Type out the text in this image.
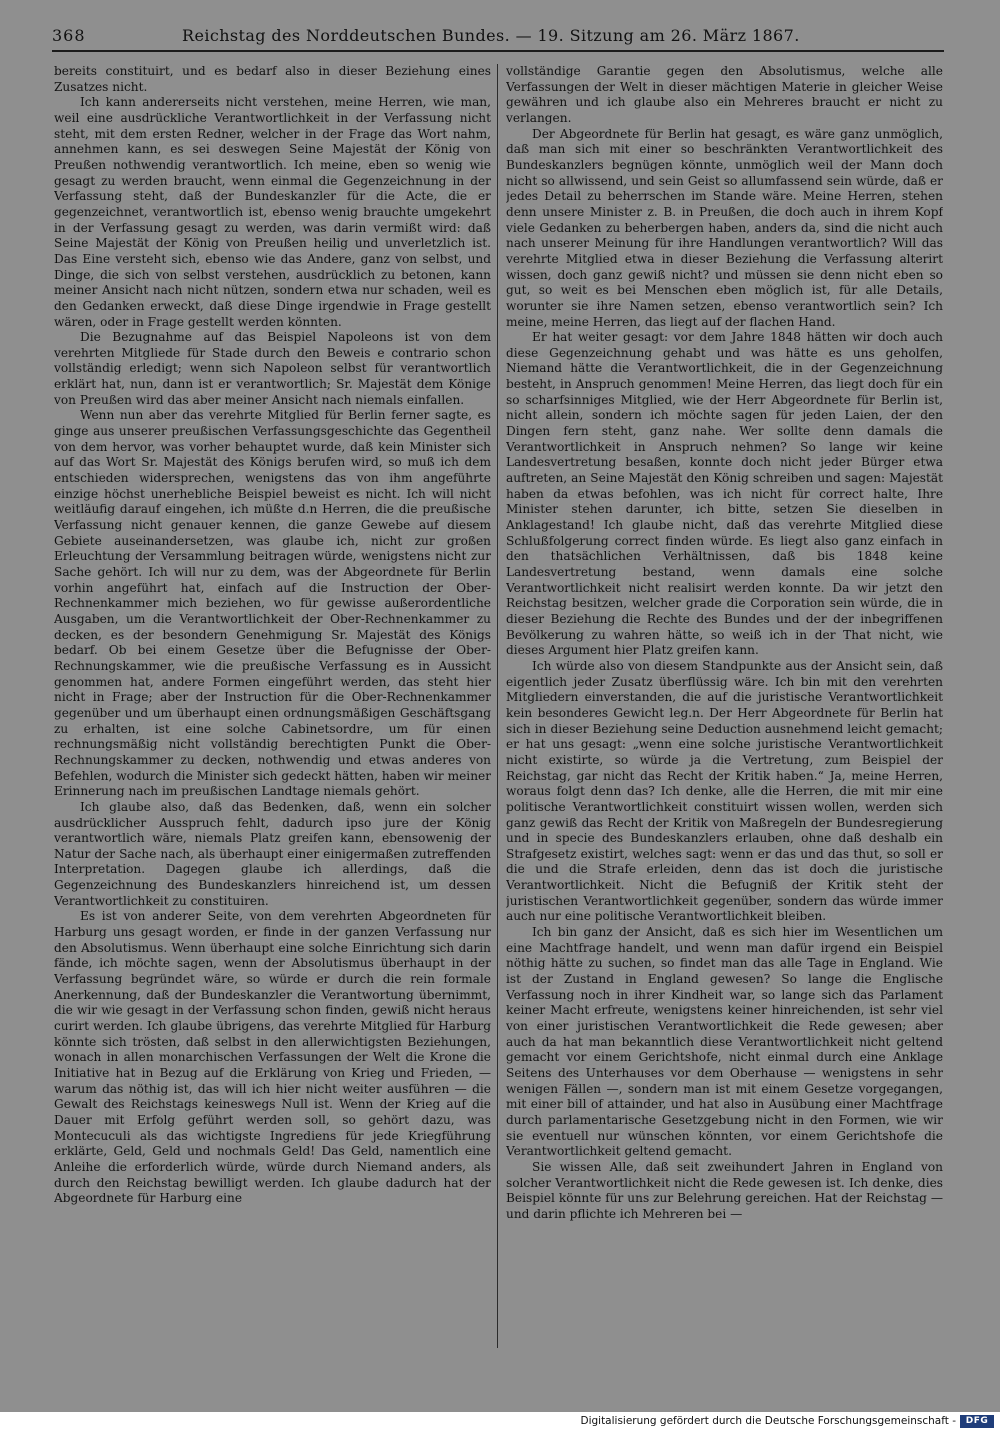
368	Reichstag des Norddeutschen Bundes. — 19. Sitzung am 26. März 1867.

bereits constituirt, und es bedarf also in dieser Beziehung eines Zusatzes nicht.

Ich kann andererseits nicht verstehen, meine Herren, wie man, weil eine ausdrückliche Verantwortlichkeit in der Verfassung nicht steht, mit dem ersten Redner, welcher in der Frage das Wort nahm, annehmen kann, es sei deswegen Seine Majestät der König von Preußen nothwendig verantwortlich. Ich meine, eben so wenig wie gesagt zu werden braucht, wenn einmal die Gegenzeichnung in der Verfassung steht, daß der Bundeskanzler für die Acte, die er gegenzeichnet, verantwortlich ist, ebenso wenig brauchte umgekehrt in der Verfassung gesagt zu werden, was darin vermißt wird: daß Seine Majestät der König von Preußen heilig und unverletzlich ist. Das Eine versteht sich, ebenso wie das Andere, ganz von selbst, und Dinge, die sich von selbst verstehen, ausdrücklich zu betonen, kann meiner Ansicht nach nicht nützen, sondern etwa nur schaden, weil es den Gedanken erweckt, daß diese Dinge irgendwie in Frage gestellt wären, oder in Frage gestellt werden könnten.

Die Bezugnahme auf das Beispiel Napoleons ist von dem verehrten Mitgliede für Stade durch den Beweis e contrario schon vollständig erledigt; wenn sich Napoleon selbst für verantwortlich erklärt hat, nun, dann ist er verantwortlich; Sr. Majestät dem Könige von Preußen wird das aber meiner Ansicht nach niemals einfallen.

Wenn nun aber das verehrte Mitglied für Berlin ferner sagte, es ginge aus unserer preußischen Verfassungsgeschichte das Gegentheil von dem hervor, was vorher behauptet wurde, daß kein Minister sich auf das Wort Sr. Majestät des Königs berufen wird, so muß ich dem entschieden widersprechen, wenigstens das von ihm angeführte einzige höchst unerhebliche Beispiel beweist es nicht. Ich will nicht weitläufig darauf eingehen, ich müßte d.n Herren, die die preußische Verfassung nicht genauer kennen, die ganze Gewebe auf diesem Gebiete auseinandersetzen, was glaube ich, nicht zur großen Erleuchtung der Versammlung beitragen würde, wenigstens nicht zur Sache gehört. Ich will nur zu dem, was der Abgeordnete für Berlin vorhin angeführt hat, einfach auf die Instruction der Ober-Rechnenkammer mich beziehen, wo für gewisse außerordentliche Ausgaben, um die Verantwortlichkeit der Ober-Rechnenkammer zu decken, es der besondern Genehmigung Sr. Majestät des Königs bedarf. Ob bei einem Gesetze über die Befugnisse der Ober-Rechnungskammer, wie die preußische Verfassung es in Aussicht genommen hat, andere Formen eingeführt werden, das steht hier nicht in Frage; aber der Instruction für die Ober-Rechnenkammer gegenüber und um überhaupt einen ordnungsmäßigen Geschäftsgang zu erhalten, ist eine solche Cabinetsordre, um für einen rechnungsmäßig nicht vollständig berechtigten Punkt die Ober-Rechnungskammer zu decken, nothwendig und etwas anderes von Befehlen, wodurch die Minister sich gedeckt hätten, haben wir meiner Erinnerung nach im preußischen Landtage niemals gehört.

Ich glaube also, daß das Bedenken, daß, wenn ein solcher ausdrücklicher Ausspruch fehlt, dadurch ipso jure der König verantwortlich wäre, niemals Platz greifen kann, ebensowenig der Natur der Sache nach, als überhaupt einer einigermaßen zutreffenden Interpretation. Dagegen glaube ich allerdings, daß die Gegenzeichnung des Bundeskanzlers hinreichend ist, um dessen Verantwortlichkeit zu constituiren.

Es ist von anderer Seite, von dem verehrten Abgeordneten für Harburg uns gesagt worden, er finde in der ganzen Verfassung nur den Absolutismus. Wenn überhaupt eine solche Einrichtung sich darin fände, ich möchte sagen, wenn der Absolutismus überhaupt in der Verfassung begründet wäre, so würde er durch die rein formale Anerkennung, daß der Bundeskanzler die Verantwortung übernimmt, die wir wie gesagt in der Verfassung schon finden, gewiß nicht heraus curirt werden. Ich glaube übrigens, das verehrte Mitglied für Harburg könnte sich trösten, daß selbst in den allerwichtigsten Beziehungen, wonach in allen monarchischen Verfassungen der Welt die Krone die Initiative hat in Bezug auf die Erklärung von Krieg und Frieden, — warum das nöthig ist, das will ich hier nicht weiter ausführen — die Gewalt des Reichstags keineswegs Null ist. Wenn der Krieg auf die Dauer mit Erfolg geführt werden soll, so gehört dazu, was Montecuculi als das wichtigste Ingrediens für jede Kriegführung erklärte, Geld, Geld und nochmals Geld! Das Geld, namentlich eine Anleihe die erforderlich würde, würde durch Niemand anders, als durch den Reichstag bewilligt werden. Ich glaube dadurch hat der Abgeordnete für Harburg eine

vollständige Garantie gegen den Absolutismus, welche alle Verfassungen der Welt in dieser mächtigen Materie in gleicher Weise gewähren und ich glaube also ein Mehreres braucht er nicht zu verlangen.

Der Abgeordnete für Berlin hat gesagt, es wäre ganz unmöglich, daß man sich mit einer so beschränkten Verantwortlichkeit des Bundeskanzlers begnügen könnte, unmöglich weil der Mann doch nicht so allwissend, und sein Geist so allumfassend sein würde, daß er jedes Detail zu beherrschen im Stande wäre. Meine Herren, stehen denn unsere Minister z. B. in Preußen, die doch auch in ihrem Kopf viele Gedanken zu beherbergen haben, anders da, sind die nicht auch nach unserer Meinung für ihre Handlungen verantwortlich? Will das verehrte Mitglied etwa in dieser Beziehung die Verfassung alterirt wissen, doch ganz gewiß nicht? und müssen sie denn nicht eben so gut, so weit es bei Menschen eben möglich ist, für alle Details, worunter sie ihre Namen setzen, ebenso verantwortlich sein? Ich meine, meine Herren, das liegt auf der flachen Hand.

Er hat weiter gesagt: vor dem Jahre 1848 hätten wir doch auch diese Gegenzeichnung gehabt und was hätte es uns geholfen, Niemand hätte die Verantwortlichkeit, die in der Gegenzeichnung besteht, in Anspruch genommen! Meine Herren, das liegt doch für ein so scharfsinniges Mitglied, wie der Herr Abgeordnete für Berlin ist, nicht allein, sondern ich möchte sagen für jeden Laien, der den Dingen fern steht, ganz nahe. Wer sollte denn damals die Verantwortlichkeit in Anspruch nehmen? So lange wir keine Landesvertretung besaßen, konnte doch nicht jeder Bürger etwa auftreten, an Seine Majestät den König schreiben und sagen: Majestät haben da etwas befohlen, was ich nicht für correct halte, Ihre Minister stehen darunter, ich bitte, setzen Sie dieselben in Anklagestand! Ich glaube nicht, daß das verehrte Mitglied diese Schlußfolgerung correct finden würde. Es liegt also ganz einfach in den thatsächlichen Verhältnissen, daß bis 1848 keine Landesvertretung bestand, wenn damals eine solche Verantwortlichkeit nicht realisirt werden konnte. Da wir jetzt den Reichstag besitzen, welcher grade die Corporation sein würde, die in dieser Beziehung die Rechte des Bundes und der der inbegriffenen Bevölkerung zu wahren hätte, so weiß ich in der That nicht, wie dieses Argument hier Platz greifen kann.

Ich würde also von diesem Standpunkte aus der Ansicht sein, daß eigentlich jeder Zusatz überflüssig wäre. Ich bin mit den verehrten Mitgliedern einverstanden, die auf die juristische Verantwortlichkeit kein besonderes Gewicht leg.n. Der Herr Abgeordnete für Berlin hat sich in dieser Beziehung seine Deduction ausnehmend leicht gemacht; er hat uns gesagt: „wenn eine solche juristische Verantwortlichkeit nicht existirte, so würde ja die Vertretung, zum Beispiel der Reichstag, gar nicht das Recht der Kritik haben.“ Ja, meine Herren, woraus folgt denn das? Ich denke, alle die Herren, die mit mir eine politische Verantwortlichkeit constituirt wissen wollen, werden sich ganz gewiß das Recht der Kritik von Maßregeln der Bundesregierung und in specie des Bundeskanzlers erlauben, ohne daß deshalb ein Strafgesetz existirt, welches sagt: wenn er das und das thut, so soll er die und die Strafe erleiden, denn das ist doch die juristische Verantwortlichkeit. Nicht die Befugniß der Kritik steht der juristischen Verantwortlichkeit gegenüber, sondern das würde immer auch nur eine politische Verantwortlichkeit bleiben.

Ich bin ganz der Ansicht, daß es sich hier im Wesentlichen um eine Machtfrage handelt, und wenn man dafür irgend ein Beispiel nöthig hätte zu suchen, so findet man das alle Tage in England. Wie ist der Zustand in England gewesen? So lange die Englische Verfassung noch in ihrer Kindheit war, so lange sich das Parlament keiner Macht erfreute, wenigstens keiner hinreichenden, ist sehr viel von einer juristischen Verantwortlichkeit die Rede gewesen; aber auch da hat man bekanntlich diese Verantwortlichkeit nicht geltend gemacht vor einem Gerichtshofe, nicht einmal durch eine Anklage Seitens des Unterhauses vor dem Oberhause — wenigstens in sehr wenigen Fällen —, sondern man ist mit einem Gesetze vorgegangen, mit einer bill of attainder, und hat also in Ausübung einer Machtfrage durch parlamentarische Gesetzgebung nicht in den Formen, wie wir sie eventuell nur wünschen könnten, vor einem Gerichtshofe die Verantwortlichkeit geltend gemacht.

Sie wissen Alle, daß seit zweihundert Jahren in England von solcher Verantwortlichkeit nicht die Rede gewesen ist. Ich denke, dies Beispiel könnte für uns zur Belehrung gereichen. Hat der Reichstag — und darin pflichte ich Mehreren bei —

Digitalisierung gefördert durch die Deutsche Forschungsgemeinschaft -	DFG
